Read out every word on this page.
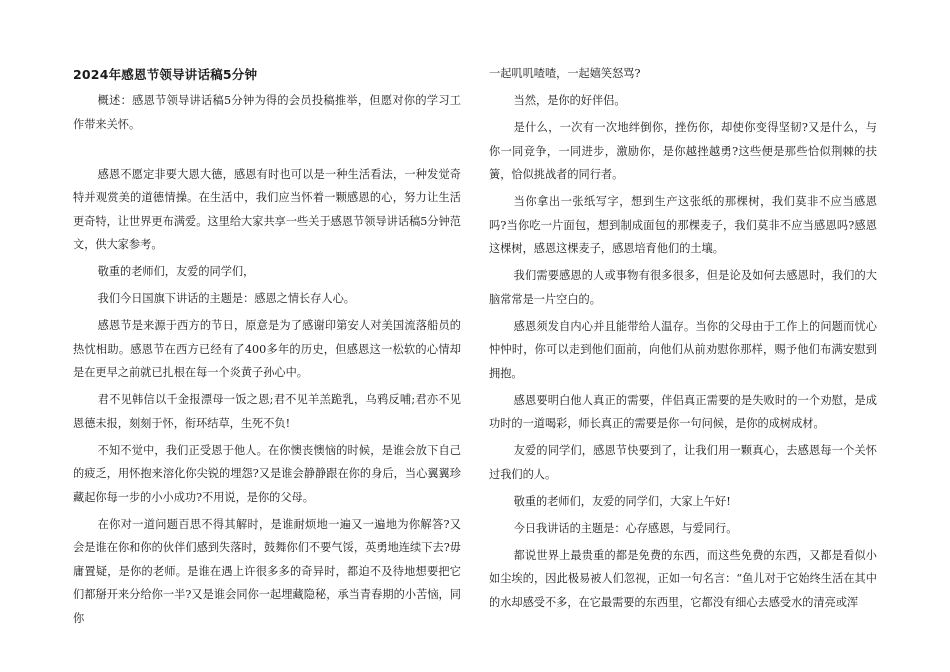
2024年感恩节领导讲话稿5分钟

概述：感恩节领导讲话稿5分钟为得的会员投稿推举，但愿对你的学习工作带来关怀。

感恩不愿定非要大恩大德，感恩有时也可以是一种生活看法，一种发觉奇特并观赏美的道德情操。在生活中，我们应当怀着一颗感恩的心，努力让生活更奇特，让世界更布满爱。这里给大家共享一些关于感恩节领导讲话稿5分钟范文，供大家参考。

敬重的老师们，友爱的同学们，

我们今日国旗下讲话的主题是：感恩之情长存人心。

感恩节是来源于西方的节日，原意是为了感谢印第安人对美国流落船员的热忱相助。感恩节在西方已经有了400多年的历史，但感恩这一松软的心情却是在更早之前就已扎根在每一个炎黄子孙心中。

君不见韩信以千金报漂母一饭之恩;君不见羊羔跪乳，乌鸦反哺;君亦不见恩德未报，刻刻于怀，衔环结草，生死不负!

不知不觉中，我们正受恩于他人。在你懊丧懊恼的时候，是谁会放下自己的疲乏，用怀抱来溶化你尖锐的埋怨?又是谁会静静跟在你的身后，当心翼翼珍藏起你每一步的小小成功?不用说，是你的父母。

在你对一道问题百思不得其解时，是谁耐烦地一遍又一遍地为你解答?又会是谁在你和你的伙伴们感到失落时，鼓舞你们不要气馁，英勇地连续下去?毋庸置疑，是你的老师。是谁在遇上许很多多的奇异时，都迫不及待地想要把它们都掰开来分给你一半?又是谁会同你一起埋藏隐秘，承当青春期的小苦恼，同你

一起叽叽喳喳，一起嬉笑怒骂?

当然，是你的好伴侣。

是什么，一次有一次地绊倒你，挫伤你，却使你变得坚韧?又是什么，与你一同竞争，一同进步，激励你，是你越挫越勇?这些便是那些恰似荆棘的扶簧，恰似挑战者的同行者。

当你拿出一张纸写字，想到生产这张纸的那棵树，我们莫非不应当感恩吗?当你吃一片面包，想到制成面包的那棵麦子，我们莫非不应当感恩吗?感恩这棵树，感恩这棵麦子，感恩培育他们的土壤。

我们需要感恩的人或事物有很多很多，但是论及如何去感恩时，我们的大脑常常是一片空白的。

感恩须发自内心并且能带给人温存。当你的父母由于工作上的问题而忧心忡忡时，你可以走到他们面前，向他们从前劝慰你那样，赐予他们布满安慰到拥抱。

感恩要明白他人真正的需要，伴侣真正需要的是失败时的一个劝慰，是成功时的一道喝彩，师长真正的需要是你一句问候，是你的成树成材。

友爱的同学们，感恩节快要到了，让我们用一颗真心，去感恩每一个关怀过我们的人。

敬重的老师们，友爱的同学们，大家上午好!

今日我讲话的主题是：心存感恩，与爱同行。

都说世界上最贵重的都是免费的东西，而这些免费的东西，又都是看似小如尘埃的，因此极易被人们忽视，正如一句名言：“鱼儿对于它始终生活在其中的水却感受不多，在它最需要的东西里，它都没有细心去感受水的清亮或浑
